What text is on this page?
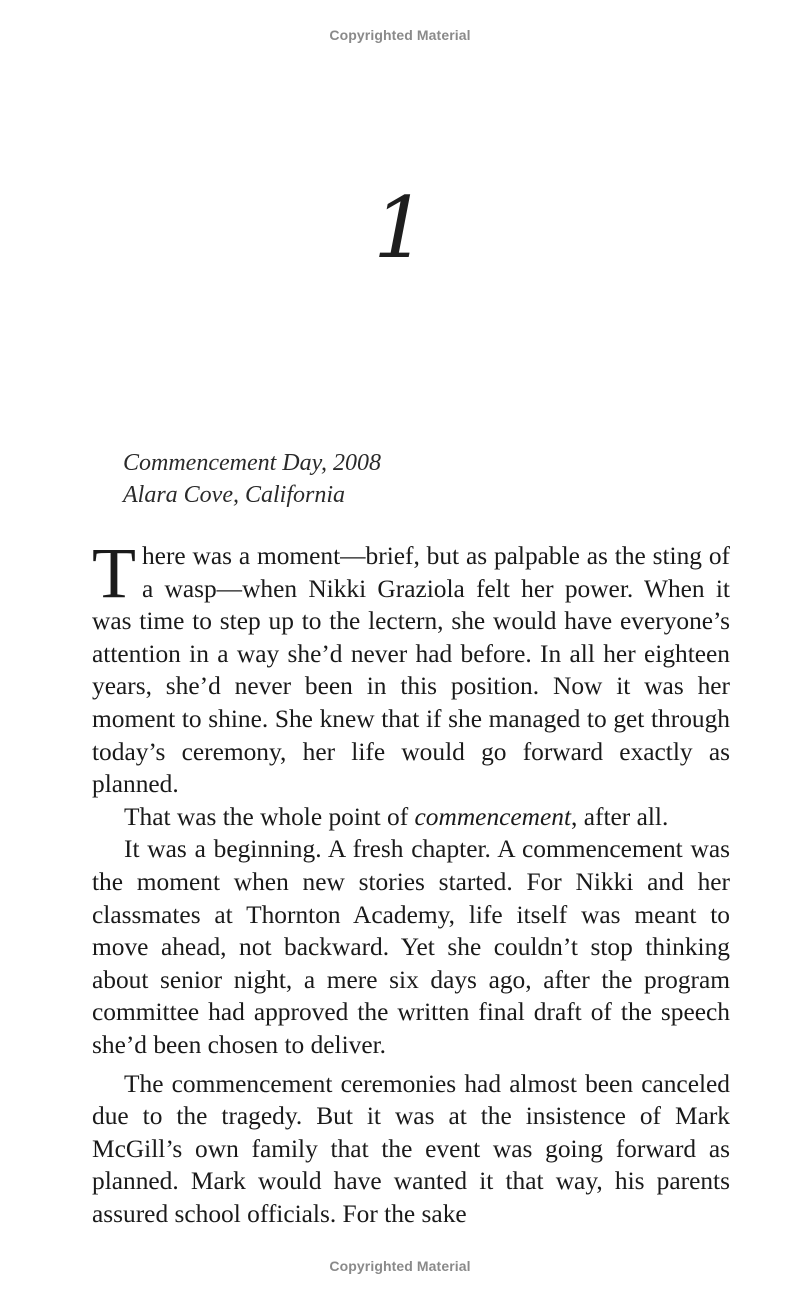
Copyrighted Material
1
Commencement Day, 2008
Alara Cove, California

There was a moment—brief, but as palpable as the sting of a wasp—when Nikki Graziola felt her power. When it was time to step up to the lectern, she would have everyone’s attention in a way she’d never had before. In all her eighteen years, she’d never been in this position. Now it was her moment to shine. She knew that if she managed to get through today’s ceremony, her life would go forward exactly as planned.

That was the whole point of commencement, after all.

It was a beginning. A fresh chapter. A commencement was the moment when new stories started. For Nikki and her classmates at Thornton Academy, life itself was meant to move ahead, not backward. Yet she couldn’t stop thinking about senior night, a mere six days ago, after the program committee had approved the written final draft of the speech she’d been chosen to deliver.

The commencement ceremonies had almost been canceled due to the tragedy. But it was at the insistence of Mark McGill’s own family that the event was going forward as planned. Mark would have wanted it that way, his parents assured school officials. For the sake

Copyrighted Material
